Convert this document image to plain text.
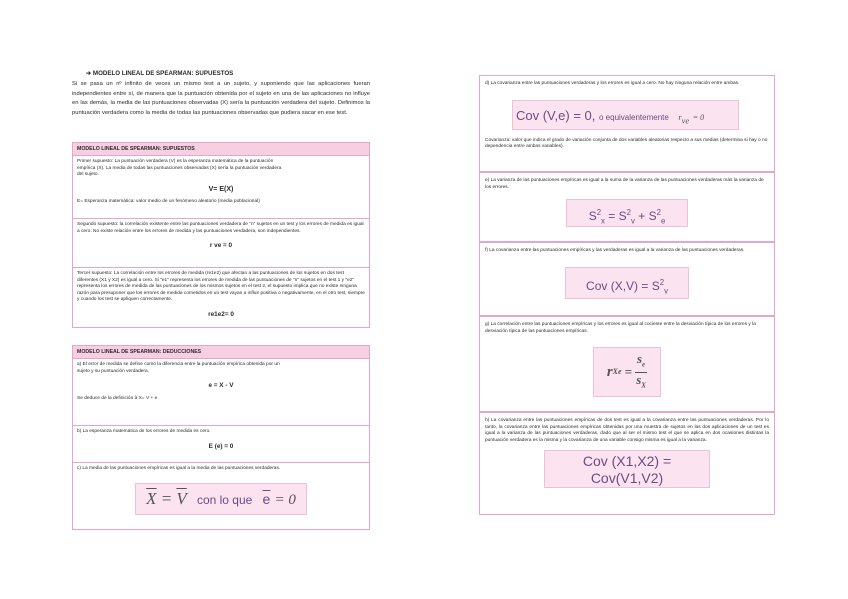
➔ MODELO LINEAL DE SPEARMAN: SUPUESTOS
Si se pasa un nº infinito de veces un mismo test a un sujeto, y suponiendo que las aplicaciones fueran independientes entre sí, de manera que la puntuación obtenida por el sujeto en una de las aplicaciones no influye en las demás, la media de las puntuaciones observadas (X) sería la puntuación verdadera del sujeto. Definimos la puntuación verdadera como la media de todas las puntuaciones observadas que pudiera sacar en ese test.
MODELO LINEAL DE SPEARMAN: SUPUESTOS
Primer supuesto: La puntuación verdadera (V) es la esperanza matemática de la puntuación empírica (X). La media de todas las puntuaciones observadas (X) sería la puntuación verdadera del sujeto.
V= E(X)
E= Esperanza matemática: valor medio de un fenómeno aleatorio (media poblacional)
Segundo supuesto: la correlación existente entre las puntuaciones verdadera de "n" sujetos en un test y los errores de medida es igual a cero. No existe relación entre los errores de medida y las puntuaciones verdadera, son independientes.
r ve = 0
Tercer supuesto: La correlación entre los errores de medida (re1e2) que afectan a las puntuaciones de los sujetos en dos test diferentes (X1 y X2) es igual a cero. Si "e1" representa los errores de medida de las puntuaciones de "n" sujetos en el test 1 y "e2" representa los errores de medida de las puntuaciones de los mismos sujetos en el test 2, el supuesto implica que no existe ninguna razón para presuponer que los errores de medida cometidos en un test vayan a influir positiva o negativamente, en el otro test, siempre y cuando los test se apliquen correctamente.
re1e2= 0
MODELO LINEAL DE SPEARMAN: DEDUCCIONES
a) El error de medida se define como la diferencia entre la puntuación empírica obtenida por un sujeto y su puntuación verdadera.
e = X - V
Se deduce de la definición à X= V + e
b) La esperanza matemática de los errores de medida es cero.
E (e) = 0
c) La media de las puntuaciones empíricas es igual a la media de las puntuaciones verdaderas.
$\overline{X} = \overline{V}$ con lo que $\overline{e} = 0$
d) La covarianza entre las puntuaciones verdaderas y los errores es igual a cero. No hay ninguna relación entre ambas.
Cov (V,e) = 0, o equivalentemente $r_{ve} = 0$
Covarianza: valor que indica el grado de variación conjunta de dos variables aleatorias respecto a sus medias (determina si hay o no dependencia entre ambas variables).
e) La varianza de las puntuaciones empíricas es igual a la suma de la varianza de las puntuaciones verdaderas más la varianza de los errores.
$S^2_x = S^2_v + S^2_e$
f) La covarianza entre las puntuaciones empíricas y las verdaderas es igual a la varianza de las puntuaciones verdaderas.
Cov $(X,V) = S^2_v$
g) La correlación entre las puntuaciones empíricas y los errores es igual al cociente entre la desviación típica de los errores y la desviación típica de las puntuaciones empíricas.
r $Xe = \frac{s_e}{s_X}$
h) La covarianza entre las puntuaciones empíricas de dos test es igual a la covarianza entre las puntuaciones verdaderas. Por lo tanto, la covarianza entre las puntuaciones empíricas obtenidas por una muestra de sujetos en las dos aplicaciones de un test es igual a la varianza de las puntuaciones verdaderas, dado que al ser el mismo test el que se aplica en dos ocasiones distintas la puntuación verdadera es la misma y la covarianza de una variable consigo misma es igual a la varianza.
Cov (X1,X2) =
Cov(V1,V2)
